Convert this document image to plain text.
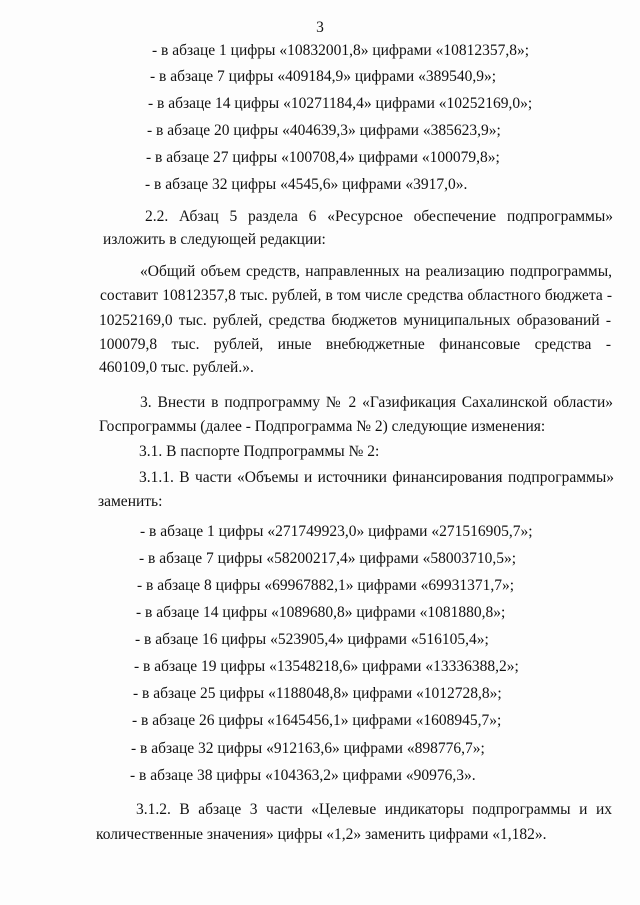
3
- в абзаце 1 цифры «10832001,8» цифрами «10812357,8»;
- в абзаце 7 цифры «409184,9» цифрами «389540,9»;
- в абзаце 14 цифры «10271184,4» цифрами «10252169,0»;
- в абзаце 20 цифры «404639,3» цифрами «385623,9»;
- в абзаце 27 цифры «100708,4» цифрами «100079,8»;
- в абзаце 32 цифры «4545,6» цифрами «3917,0».
2.2. Абзац 5 раздела 6 «Ресурсное обеспечение подпрограммы»
изложить в следующей редакции:
«Общий объем средств, направленных на реализацию подпрограммы,
составит 10812357,8 тыс. рублей, в том числе средства областного бюджета -
10252169,0 тыс. рублей, средства бюджетов муниципальных образований -
100079,8 тыс. рублей, иные внебюджетные финансовые средства -
460109,0 тыс. рублей.».
3. Внести в подпрограмму № 2 «Газификация Сахалинской области»
Госпрограммы (далее - Подпрограмма № 2) следующие изменения:
3.1. В паспорте Подпрограммы № 2:
3.1.1. В части «Объемы и источники финансирования подпрограммы»
заменить:
- в абзаце 1 цифры «271749923,0» цифрами «271516905,7»;
- в абзаце 7 цифры «58200217,4» цифрами «58003710,5»;
- в абзаце 8 цифры «69967882,1» цифрами «69931371,7»;
- в абзаце 14 цифры «1089680,8» цифрами «1081880,8»;
- в абзаце 16 цифры «523905,4» цифрами «516105,4»;
- в абзаце 19 цифры «13548218,6» цифрами «13336388,2»;
- в абзаце 25 цифры «1188048,8» цифрами «1012728,8»;
- в абзаце 26 цифры «1645456,1» цифрами «1608945,7»;
- в абзаце 32 цифры «912163,6» цифрами «898776,7»;
- в абзаце 38 цифры «104363,2» цифрами «90976,3».
3.1.2. В абзаце 3 части «Целевые индикаторы подпрограммы и их
количественные значения» цифры «1,2» заменить цифрами «1,182».
